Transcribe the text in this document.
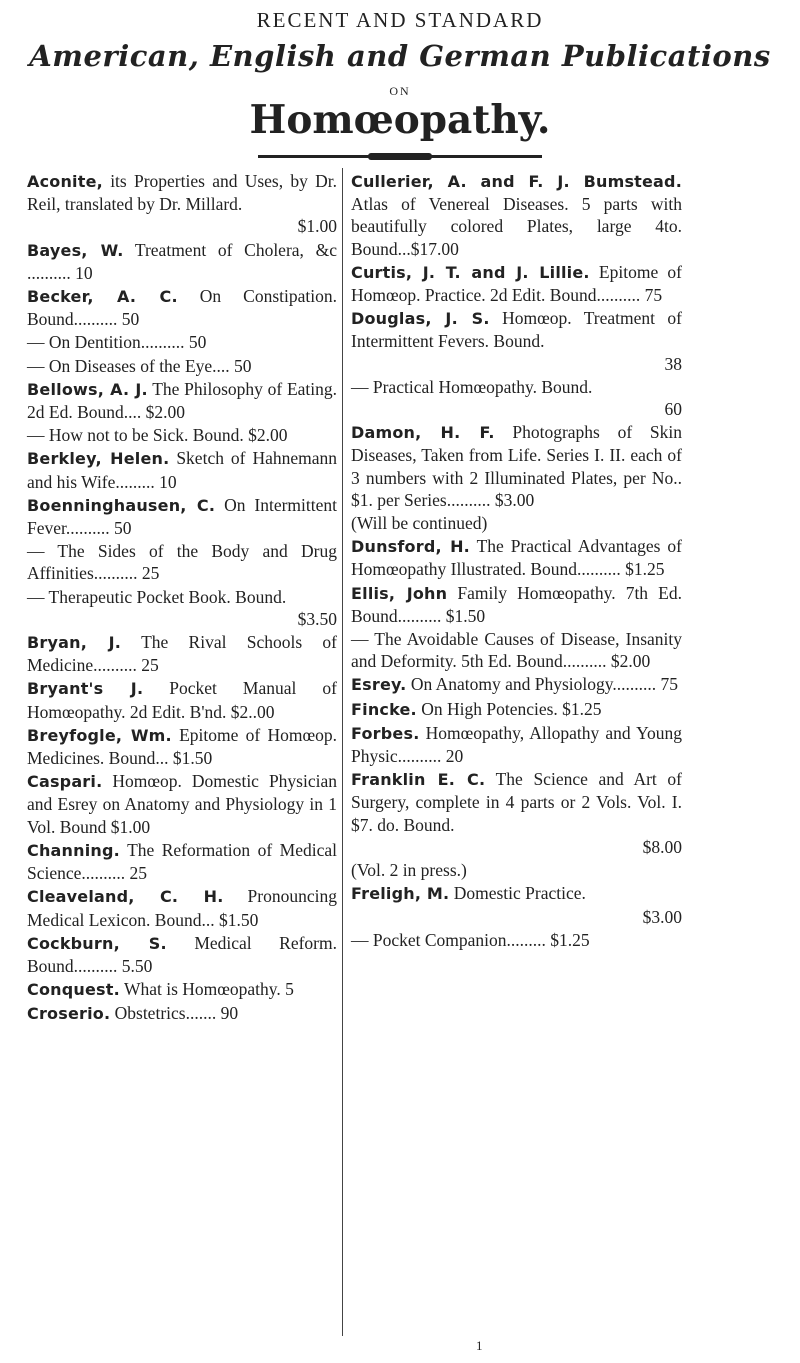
RECENT AND STANDARD
American, English and German Publications
ON
Homœopathy.
Aconite, its Properties and Uses, by Dr. Reil, translated by Dr. Millard.
$1.00
Bayes, W. Treatment of Cholera, &c .......... 10
Becker, A. C. On Constipation. Bound.......... 50
— On Dentition.......... 50
— On Diseases of the Eye.... 50
Bellows, A. J. The Philosophy of Eating. 2d Ed. Bound.... $2.00
— How not to be Sick. Bound. $2.00
Berkley, Helen. Sketch of Hahnemann and his Wife......... 10
Boenninghausen, C. On Intermittent Fever.......... 50
— The Sides of the Body and Drug Affinities.......... 25
— Therapeutic Pocket Book. Bound.
$3.50
Bryan, J. The Rival Schools of Medicine.......... 25
Bryant's J. Pocket Manual of Homœopathy. 2d Edit. B'nd. $2..00
Breyfogle, Wm. Epitome of Homœop. Medicines. Bound... $1.50
Caspari. Homœop. Domestic Physician and Esrey on Anatomy and Physiology in 1 Vol. Bound $1.00
Channing. The Reformation of Medical Science.......... 25
Cleaveland, C. H. Pronouncing Medical Lexicon. Bound... $1.50
Cockburn, S. Medical Reform. Bound.......... 5.50
Conquest. What is Homœopathy. 5
Croserio. Obstetrics....... 90
Cullerier, A. and F. J. Bumstead. Atlas of Venereal Diseases. 5 parts with beautifully colored Plates, large 4to. Bound...$17.00
Curtis, J. T. and J. Lillie. Epitome of Homœop. Practice. 2d Edit. Bound.......... 75
Douglas, J. S. Homœop. Treatment of Intermittent Fevers. Bound.
38
— Practical Homœopathy. Bound.
60
Damon, H. F. Photographs of Skin Diseases, Taken from Life. Series I. II. each of 3 numbers with 2 Illuminated Plates, per No.. $1. per Series.......... $3.00
(Will be continued)
Dunsford, H. The Practical Advantages of Homœopathy Illustrated. Bound.......... $1.25
Ellis, John Family Homœopathy. 7th Ed. Bound.......... $1.50
— The Avoidable Causes of Disease, Insanity and Deformity. 5th Ed. Bound.......... $2.00
Esrey. On Anatomy and Physiology.......... 75
Fincke. On High Potencies. $1.25
Forbes. Homœopathy, Allopathy and Young Physic.......... 20
Franklin E. C. The Science and Art of Surgery, complete in 4 parts or 2 Vols. Vol. I. $7. do. Bound.
$8.00
(Vol. 2 in press.)
Freligh, M. Domestic Practice.
$3.00
— Pocket Companion......... $1.25
1
